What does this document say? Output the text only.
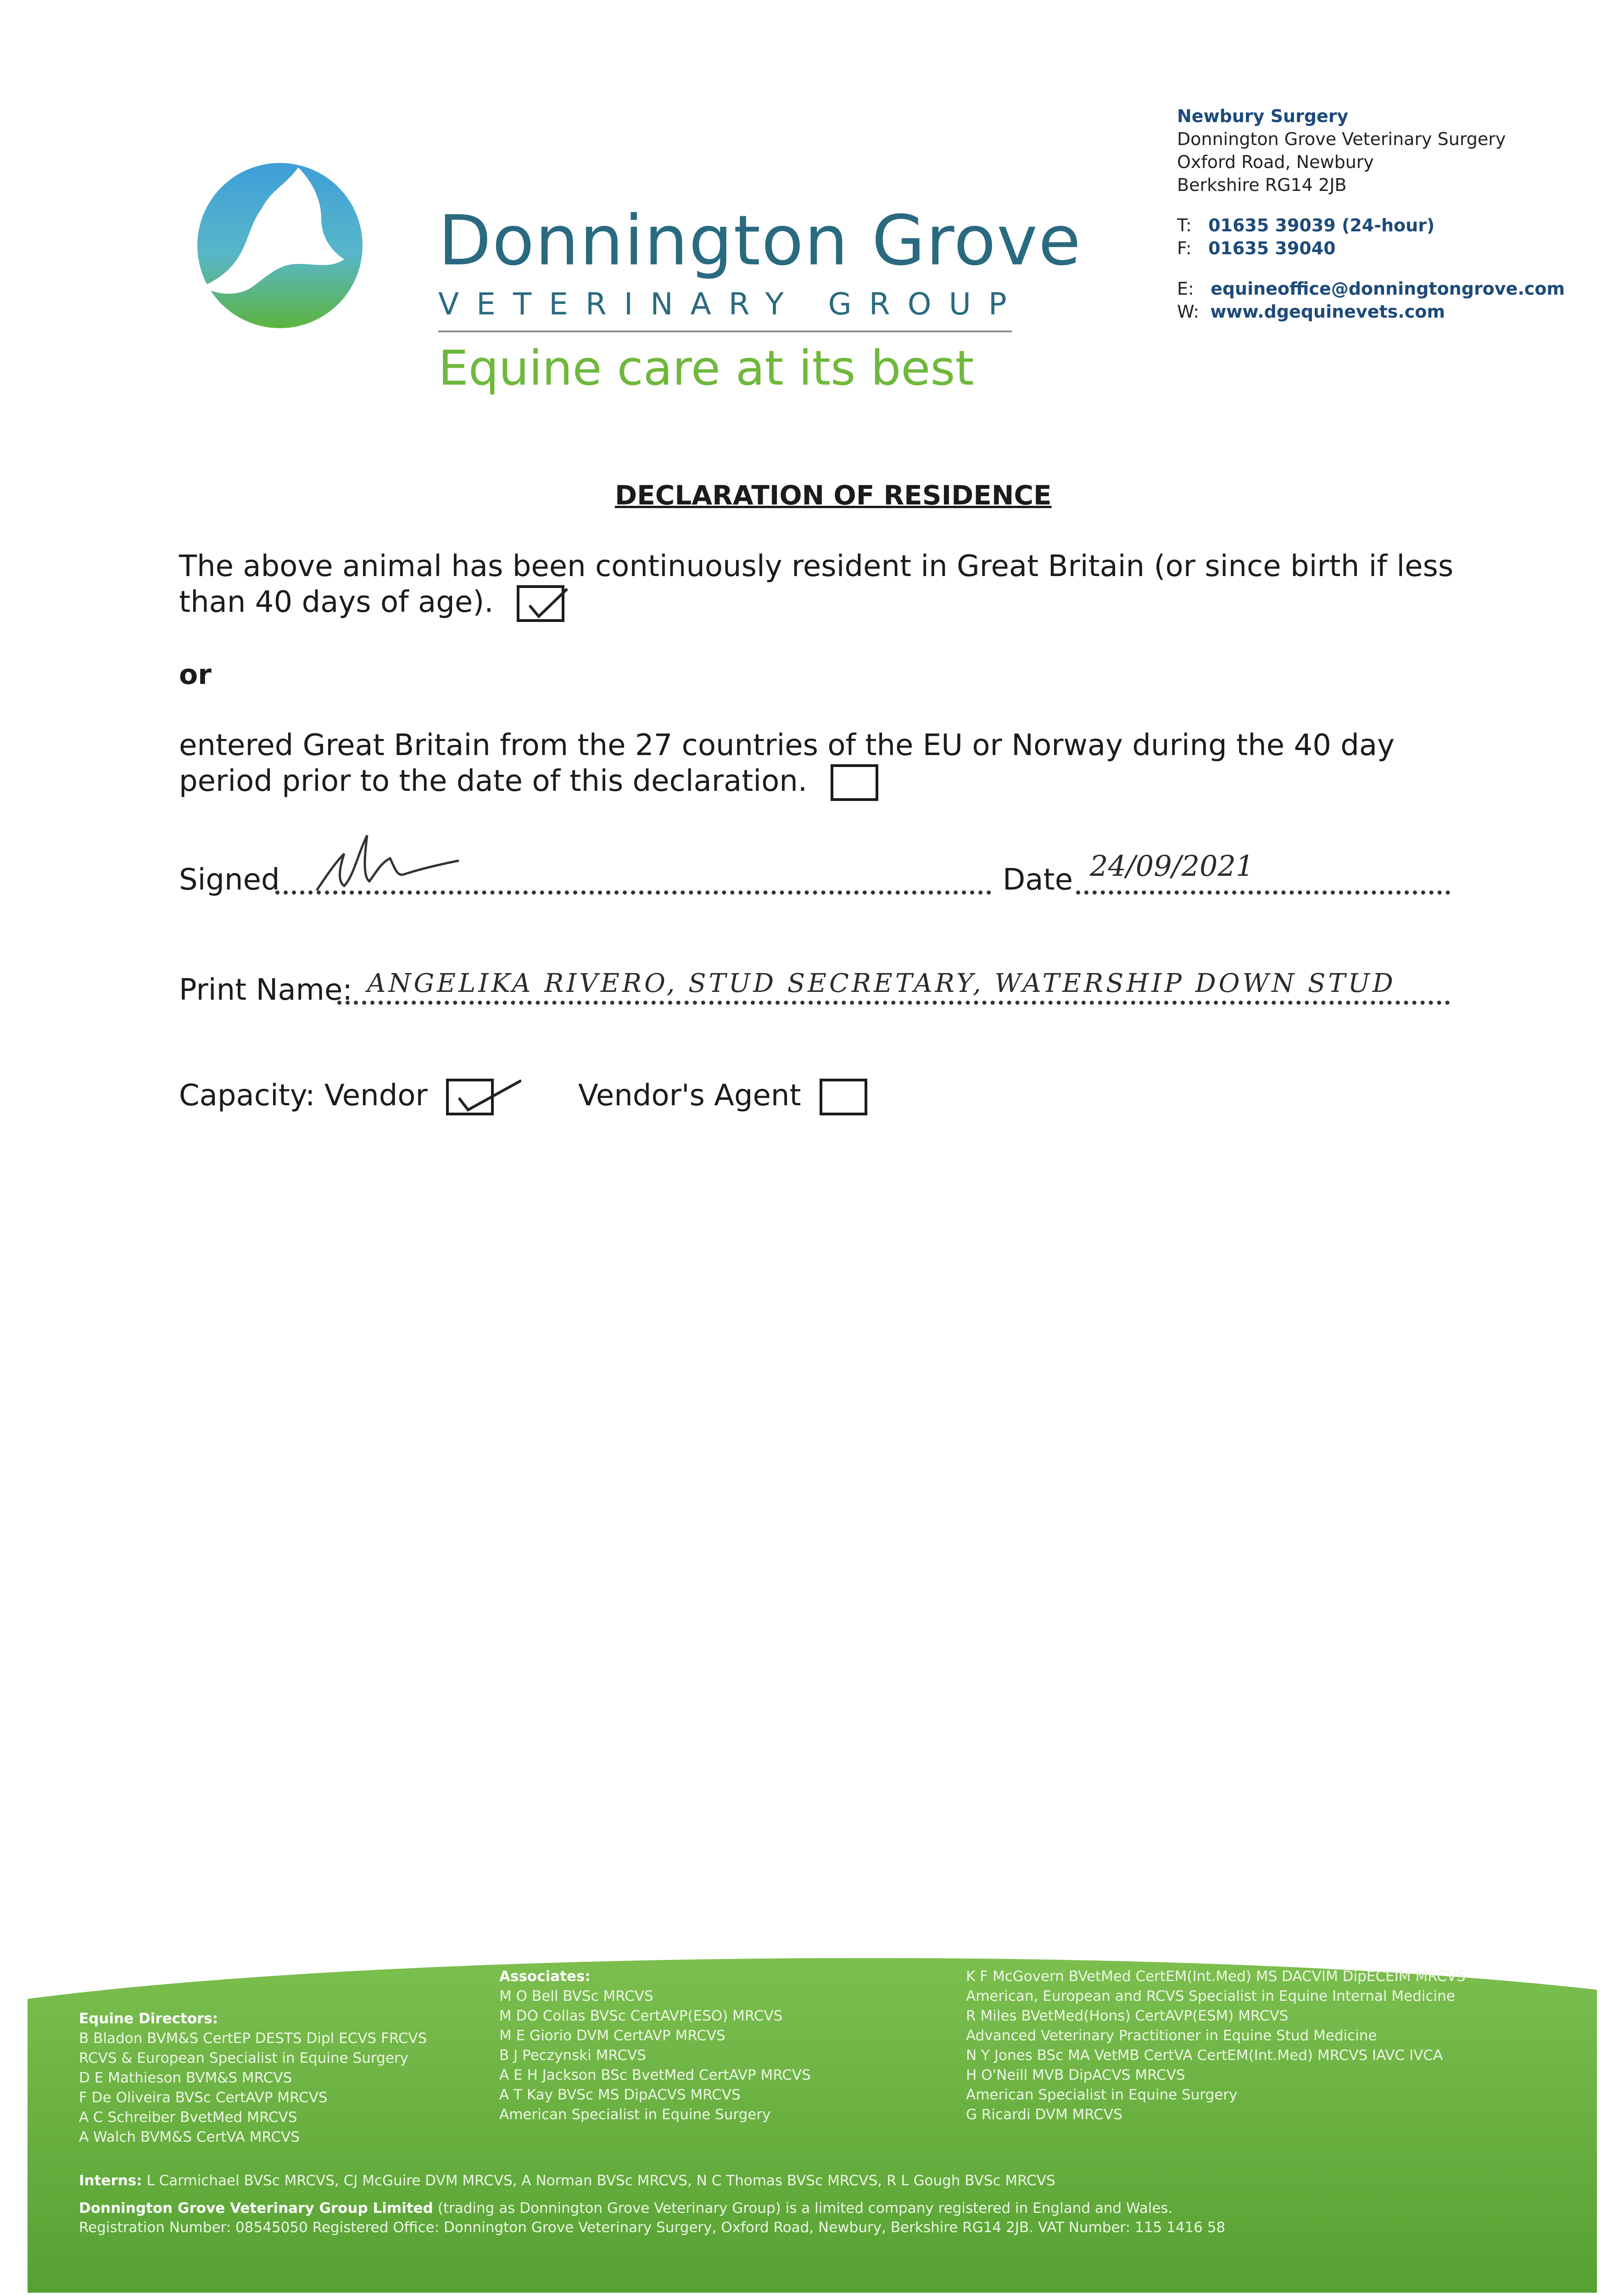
Donnington Grove
VETERINARY GROUP
Equine care at its best
Newbury Surgery
Donnington Grove Veterinary Surgery
Oxford Road, Newbury
Berkshire RG14 2JB
T: 01635 39039 (24-hour)
F: 01635 39040
E: equineoffice@donningtongrove.com
W: www.dgequinevets.com
DECLARATION OF RESIDENCE
The above animal has been continuously resident in Great Britain (or since birth if less than 40 days of age).
or
entered Great Britain from the 27 countries of the EU or Norway during the 40 day period prior to the date of this declaration.
Signed	Date 24/09/2021
Print Name: ANGELIKA RIVERO, STUD SECRETARY, WATERSHIP DOWN STUD
Capacity: Vendor	Vendor's Agent
Equine Directors:
B Bladon BVM&S CertEP DESTS Dipl ECVS FRCVS
RCVS & European Specialist in Equine Surgery
D E Mathieson BVM&S MRCVS
F De Oliveira BVSc CertAVP MRCVS
A C Schreiber BvetMed MRCVS
A Walch BVM&S CertVA MRCVS
Associates:
M O Bell BVSc MRCVS
M DO Collas BVSc CertAVP(ESO) MRCVS
M E Giorio DVM CertAVP MRCVS
B J Peczynski MRCVS
A E H Jackson BSc BvetMed CertAVP MRCVS
A T Kay BVSc MS DipACVS MRCVS
American Specialist in Equine Surgery
K F McGovern BVetMed CertEM(Int.Med) MS DACVIM DipECEIM MRCVS
American, European and RCVS Specialist in Equine Internal Medicine
R Miles BVetMed(Hons) CertAVP(ESM) MRCVS
Advanced Veterinary Practitioner in Equine Stud Medicine
N Y Jones BSc MA VetMB CertVA CertEM(Int.Med) MRCVS IAVC IVCA
H O'Neill MVB DipACVS MRCVS
American Specialist in Equine Surgery
G Ricardi DVM MRCVS
Interns: L Carmichael BVSc MRCVS, CJ McGuire DVM MRCVS, A Norman BVSc MRCVS, N C Thomas BVSc MRCVS, R L Gough BVSc MRCVS
Donnington Grove Veterinary Group Limited (trading as Donnington Grove Veterinary Group) is a limited company registered in England and Wales.
Registration Number: 08545050 Registered Office: Donnington Grove Veterinary Surgery, Oxford Road, Newbury, Berkshire RG14 2JB. VAT Number: 115 1416 58
